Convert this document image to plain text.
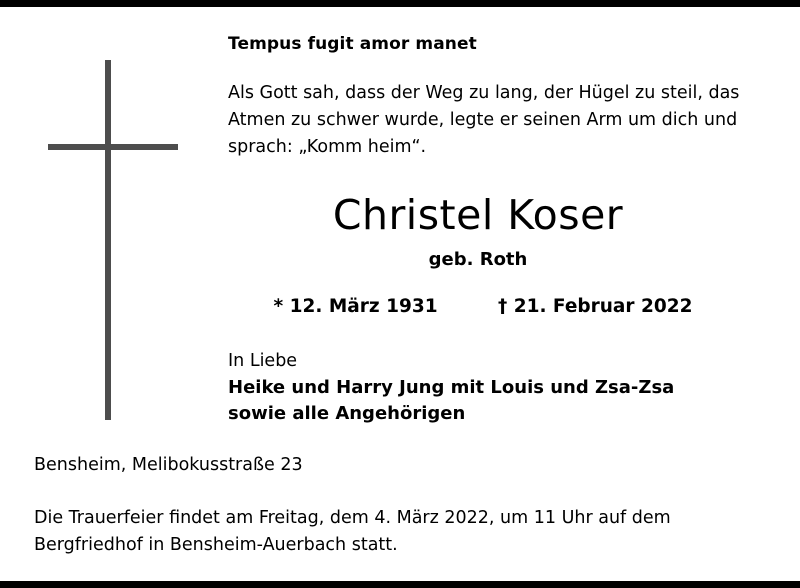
Tempus fugit amor manet

Als Gott sah, dass der Weg zu lang, der Hügel zu steil, das Atmen zu schwer wurde, legte er seinen Arm um dich und sprach: „Komm heim“.

Christel Koser

geb. Roth

* 12. März 1931	† 21. Februar 2022

In Liebe

Heike und Harry Jung mit Louis und Zsa-Zsa

sowie alle Angehörigen

Bensheim, Melibokusstraße 23
Die Trauerfeier findet am Freitag, dem 4. März 2022, um 11 Uhr auf dem Bergfriedhof in Bensheim-Auerbach statt.
